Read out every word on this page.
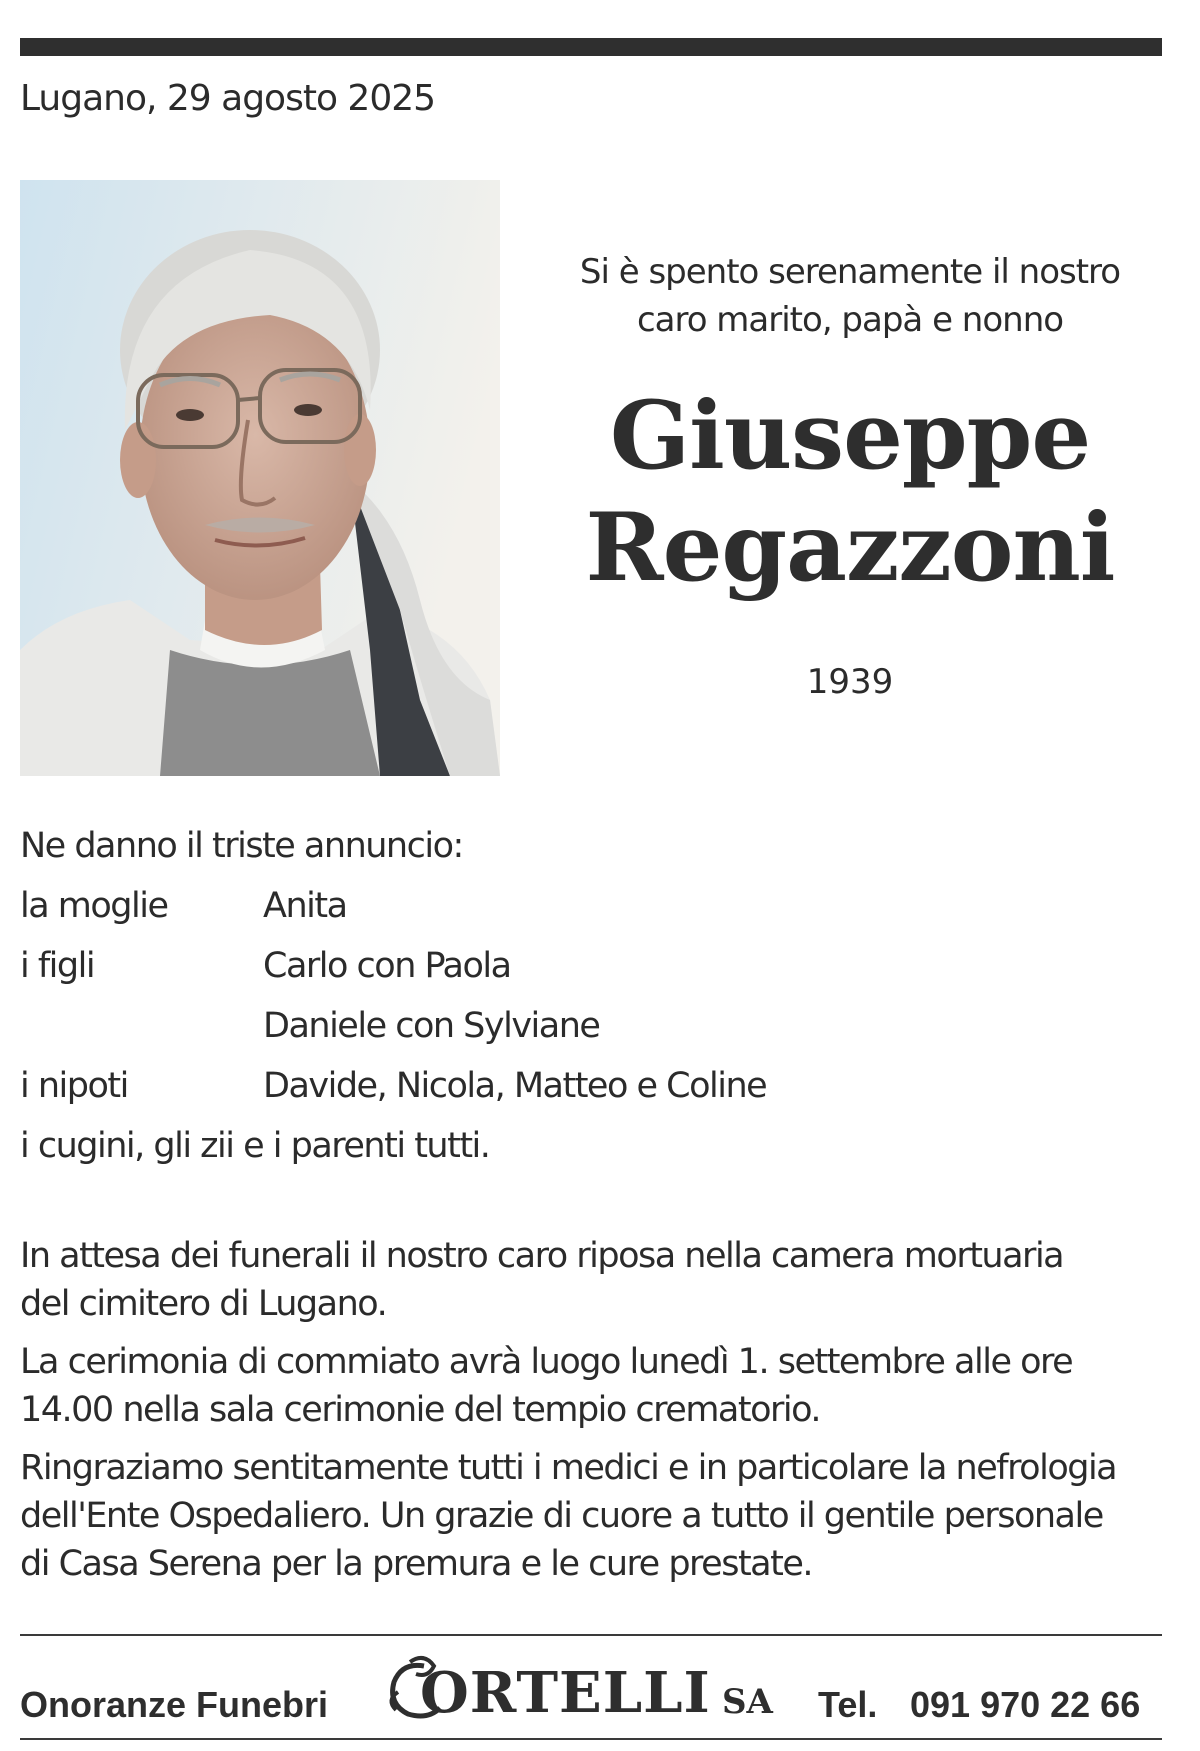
Lugano, 29 agosto 2025
Si è spento serenamente il nostro
caro marito, papà e nonno
Giuseppe
Regazzoni
1939
Ne danno il triste annuncio:
la moglie	Anita
i figli	Carlo con Paola
Daniele con Sylviane
i nipoti	Davide, Nicola, Matteo e Coline
i cugini, gli zii e i parenti tutti.
In attesa dei funerali il nostro caro riposa nella camera mortuaria
del cimitero di Lugano.
La cerimonia di commiato avrà luogo lunedì 1. settembre alle ore
14.00 nella sala cerimonie del tempio crematorio.
Ringraziamo sentitamente tutti i medici e in particolare la nefrologia
dell'Ente Ospedaliero. Un grazie di cuore a tutto il gentile personale
di Casa Serena per la premura e le cure prestate.
Onoranze Funebri ORTELLI SA Tel. 091 970 22 66
